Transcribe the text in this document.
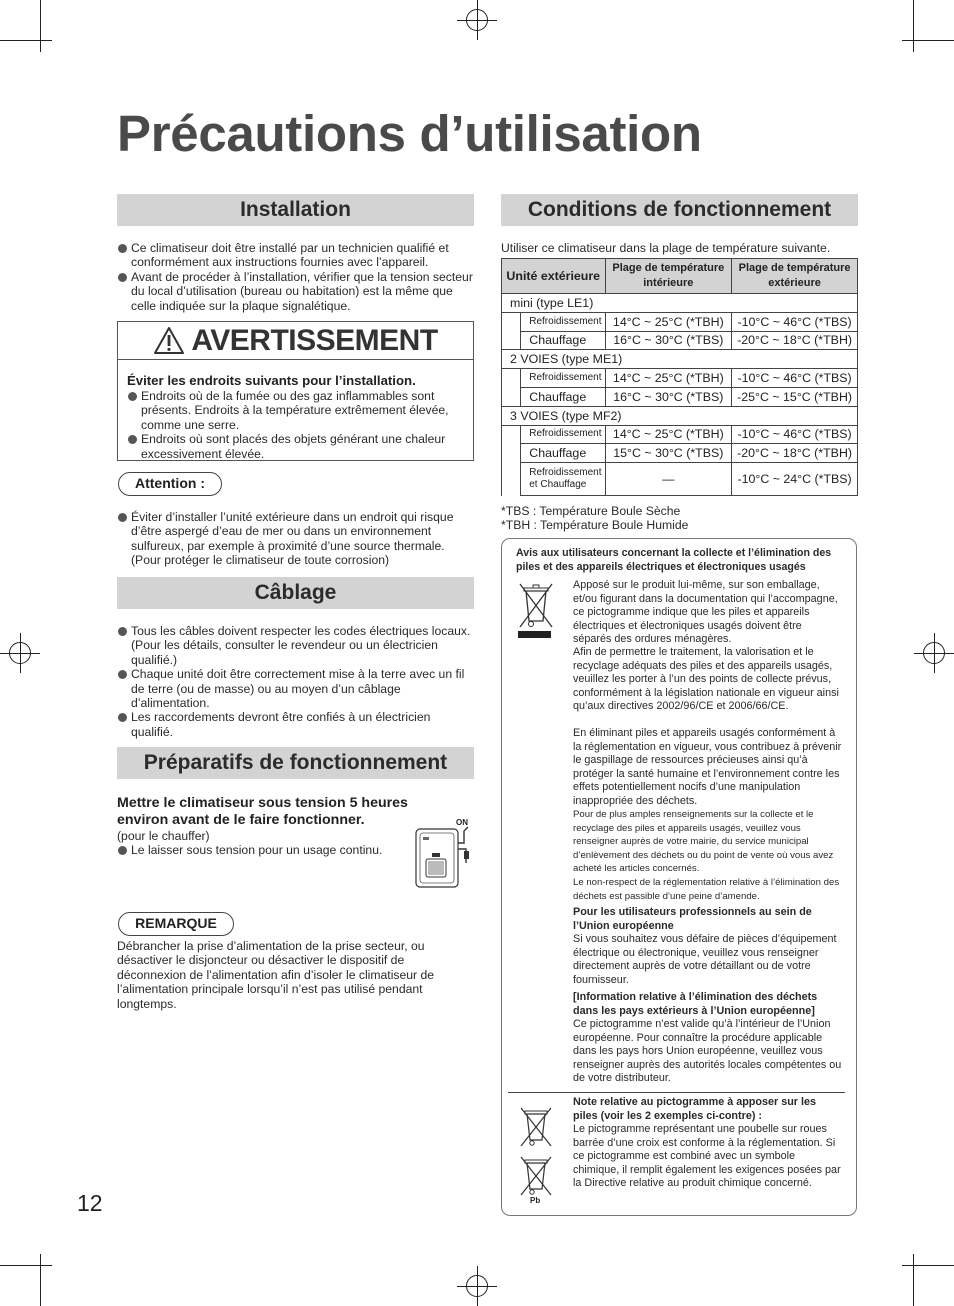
Précautions d’utilisation
Installation
Ce climatiseur doit être installé par un technicien qualifié et conformément aux instructions fournies avec l’appareil.
Avant de procéder à l’installation, vérifier que la tension secteur du local d’utilisation (bureau ou habitation) est la même que celle indiquée sur la plaque signalétique.
AVERTISSEMENT
Éviter les endroits suivants pour l’installation.
Endroits où de la fumée ou des gaz inflammables sont présents. Endroits à la température extrêmement élevée, comme une serre.
Endroits où sont placés des objets générant une chaleur excessivement élevée.
Attention :
Éviter d’installer l’unité extérieure dans un endroit qui risque d’être aspergé d’eau de mer ou dans un environnement sulfureux, par exemple à proximité d’une source thermale. (Pour protéger le climatiseur de toute corrosion)
Câblage
Tous les câbles doivent respecter les codes électriques locaux. (Pour les détails, consulter le revendeur ou un électricien qualifié.)
Chaque unité doit être correctement mise à la terre avec un fil de terre (ou de masse) ou au moyen d’un câblage d’alimentation.
Les raccordements devront être confiés à un électricien qualifié.
Préparatifs de fonctionnement
Mettre le climatiseur sous tension 5 heures environ avant de le faire fonctionner.
(pour le chauffer)
Le laisser sous tension pour un usage continu.
ON
REMARQUE
Débrancher la prise d’alimentation de la prise secteur, ou désactiver le disjoncteur ou désactiver le dispositif de déconnexion de l’alimentation afin d’isoler le climatiseur de l’alimentation principale lorsqu’il n’est pas utilisé pendant longtemps.
Conditions de fonctionnement
Utiliser ce climatiseur dans la plage de température suivante.
Unité extérieure		Plage de température intérieure	Plage de température extérieure
mini (type LE1)			
	Refroidissement	14°C ~ 25°C (*TBH)	-10°C ~ 46°C (*TBS)
	Chauffage	16°C ~ 30°C (*TBS)	-20°C ~ 18°C (*TBH)
2 VOIES (type ME1)			
	Refroidissement	14°C ~ 25°C (*TBH)	-10°C ~ 46°C (*TBS)
	Chauffage	16°C ~ 30°C (*TBS)	-25°C ~ 15°C (*TBH)
3 VOIES (type MF2)			
	Refroidissement	14°C ~ 25°C (*TBH)	-10°C ~ 46°C (*TBS)
	Chauffage	15°C ~ 30°C (*TBS)	-20°C ~ 18°C (*TBH)
	Refroidissement et Chauffage	—	-10°C ~ 24°C (*TBS)
*TBS : Température Boule Sèche
*TBH : Température Boule Humide
Avis aux utilisateurs concernant la collecte et l’élimination des piles et des appareils électriques et électroniques usagés
Apposé sur le produit lui-même, sur son emballage, et/ou figurant dans la documentation qui l’accompagne, ce pictogramme indique que les piles et appareils électriques et électroniques usagés doivent être séparés des ordures ménagères.
Afin de permettre le traitement, la valorisation et le recyclage adéquats des piles et des appareils usagés, veuillez les porter à l’un des points de collecte prévus, conformément à la législation nationale en vigueur ainsi qu’aux directives 2002/96/CE et 2006/66/CE.
En éliminant piles et appareils usagés conformément à la réglementation en vigueur, vous contribuez à prévenir le gaspillage de ressources précieuses ainsi qu’à protéger la santé humaine et l’environnement contre les effets potentiellement nocifs d’une manipulation inappropriée des déchets.
Pour de plus amples renseignements sur la collecte et le recyclage des piles et appareils usagés, veuillez vous renseigner auprès de votre mairie, du service municipal d’enlèvement des déchets ou du point de vente où vous avez acheté les articles concernés.
Le non-respect de la réglementation relative à l’élimination des déchets est passible d’une peine d’amende.
Pour les utilisateurs professionnels au sein de l’Union européenne
Si vous souhaitez vous défaire de pièces d’équipement électrique ou électronique, veuillez vous renseigner directement auprès de votre détaillant ou de votre fournisseur.
[Information relative à l’élimination des déchets dans les pays extérieurs à l’Union européenne]
Ce pictogramme n’est valide qu’à l’intérieur de l’Union européenne. Pour connaître la procédure applicable dans les pays hors Union européenne, veuillez vous renseigner auprès des autorités locales compétentes ou de votre distributeur.
Pb
Note relative au pictogramme à apposer sur les piles (voir les 2 exemples ci-contre) :
Le pictogramme représentant une poubelle sur roues barrée d’une croix est conforme à la réglementation. Si ce pictogramme est combiné avec un symbole chimique, il remplit également les exigences posées par la Directive relative au produit chimique concerné.
12
